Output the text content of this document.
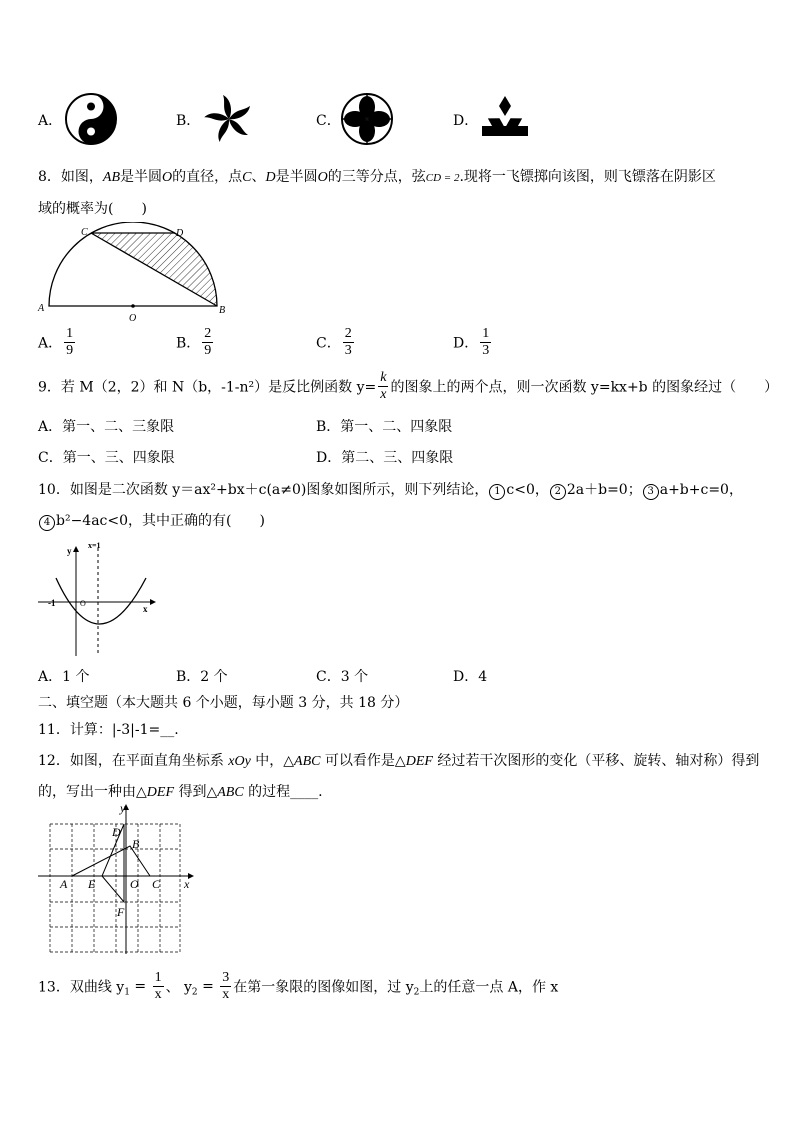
A．	B．	C．	D．
8．如图，AB是半圆O的直径，点C、D是半圆O的三等分点，弦CD = 2.现将一飞镖掷向该图，则飞镖落在阴影区
域的概率为(　　)
A	B
C	D
O
A． $\frac{1}{9}$	B． $\frac{2}{9}$	C． $\frac{2}{3}$	D． $\frac{1}{3}$
9．若 M（2，2）和 N（b，-1-n²）是反比例函数 $y= \frac{k}{x}$ 的图象上的两个点，则一次函数 y=kx+b 的图象经过（　　）
A．第一、二、三象限	B．第一、二、四象限
C．第一、三、四象限	D．第二、三、四象限
10．如图是二次函数 y＝ax²+bx＋c(a≠0)图象如图所示，则下列结论， 1 c<0， 2 2a＋b=0； 3 a+b+c=0，
4 b²−4ac<0，其中正确的有(　　)
y
x
x=1
-1	O
A．1 个	B．2 个	C．3 个	D．4
二、填空题（本大题共 6 个小题，每小题 3 分，共 18 分）
11．计算：|-3|-1=__.
12．如图，在平面直角坐标系 xOy 中，△ABC 可以看作是△DEF 经过若干次图形的变化（平移、旋转、轴对称）得到
的，写出一种由△DEF 得到△ABC 的过程____.
y
x
A
B
C
D
E
F
O
13．双曲线 $y_1 = \frac{1}{x}$ 、 $y_2 = \frac{3}{x}$ 在第一象限的图像如图，过 $y_2$上的任意一点 A，作 x
